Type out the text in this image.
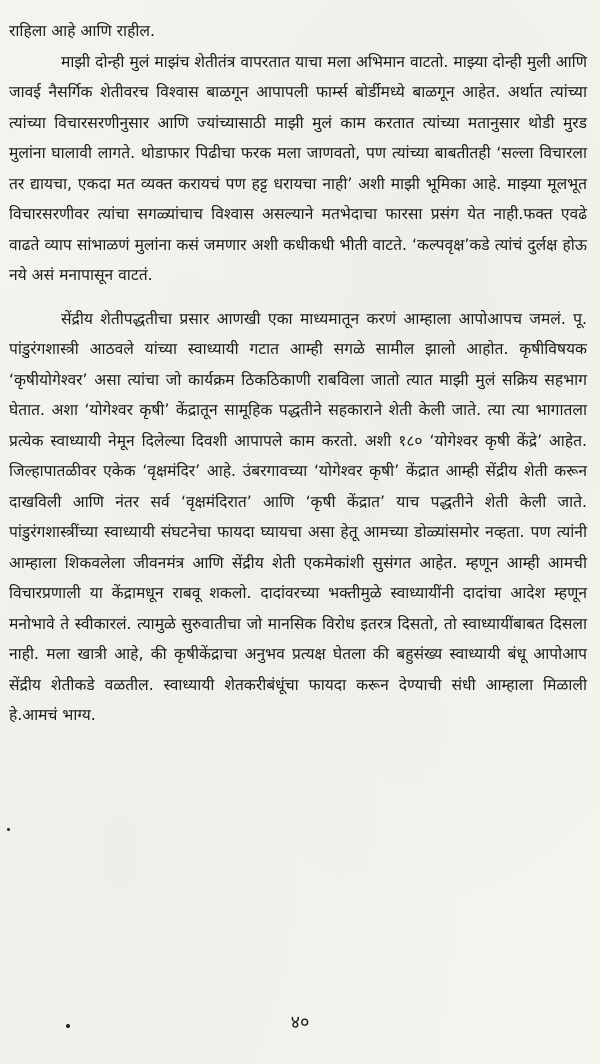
राहिला आहे आणि राहील.

माझी दोन्ही मुलं माझंच शेतीतंत्र वापरतात याचा मला अभिमान वाटतो. माझ्या दोन्ही मुली आणि जावई नैसर्गिक शेतीवरच विश्वास बाळगून आपापली फार्म्स बोर्डीमध्ये बाळगून आहेत. अर्थात त्यांच्या त्यांच्या विचारसरणीनुसार आणि ज्यांच्यासाठी माझी मुलं काम करतात त्यांच्या मतानुसार थोडी मुरड मुलांना घालावी लागते. थोडाफार पिढीचा फरक मला जाणवतो, पण त्यांच्या बाबतीतही ‘सल्ला विचारला तर द्यायचा, एकदा मत व्यक्त करायचं पण हट्ट धरायचा नाही’ अशी माझी भूमिका आहे. माझ्या मूलभूत विचारसरणीवर त्यांचा सगळ्यांचाच विश्वास असल्याने मतभेदाचा फारसा प्रसंग येत नाही.फक्त एवढे वाढते व्याप सांभाळणं मुलांना कसं जमणार अशी कधीकधी भीती वाटते. ‘कल्पवृक्ष’कडे त्यांचं दुर्लक्ष होऊ नये असं मनापासून वाटतं.

सेंद्रीय शेतीपद्धतीचा प्रसार आणखी एका माध्यमातून करणं आम्हाला आपोआपच जमलं. पू. पांडुरंगशास्त्री आठवले यांच्या स्वाध्यायी गटात आम्ही सगळे सामील झालो आहोत. कृषीविषयक ‘कृषीयोगेश्वर’ असा त्यांचा जो कार्यक्रम ठिकठिकाणी राबविला जातो त्यात माझी मुलं सक्रिय सहभाग घेतात. अशा ‘योगेश्वर कृषी’ केंद्रातून सामूहिक पद्धतीने सहकाराने शेती केली जाते. त्या त्या भागातला प्रत्येक स्वाध्यायी नेमून दिलेल्या दिवशी आपापले काम करतो. अशी १८० ‘योगेश्वर कृषी केंद्रे’ आहेत. जिल्हापातळीवर एकेक ‘वृक्षमंदिर’ आहे. उंबरगावच्या ‘योगेश्वर कृषी’ केंद्रात आम्ही सेंद्रीय शेती करून दाखविली आणि नंतर सर्व ‘वृक्षमंदिरात’ आणि ‘कृषी केंद्रात’ याच पद्धतीने शेती केली जाते. पांडुरंगशास्त्रींच्या स्वाध्यायी संघटनेचा फायदा घ्यायचा असा हेतू आमच्या डोळ्यांसमोर नव्हता. पण त्यांनी आम्हाला शिकवलेला जीवनमंत्र आणि सेंद्रीय शेती एकमेकांशी सुसंगत आहेत. म्हणून आम्ही आमची विचारप्रणाली या केंद्रामधून राबवू शकलो. दादांवरच्या भक्तीमुळे स्वाध्यायींनी दादांचा आदेश म्हणून मनोभावे ते स्वीकारलं. त्यामुळे सुरुवातीचा जो मानसिक विरोध इतरत्र दिसतो, तो स्वाध्यायींबाबत दिसला नाही. मला खात्री आहे, की कृषीकेंद्राचा अनुभव प्रत्यक्ष घेतला की बहुसंख्य स्वाध्यायी बंधू आपोआप सेंद्रीय शेतीकडे वळतील. स्वाध्यायी शेतकरीबंधूंचा फायदा करून देण्याची संधी आम्हाला मिळाली हे.आमचं भाग्य.

४०
